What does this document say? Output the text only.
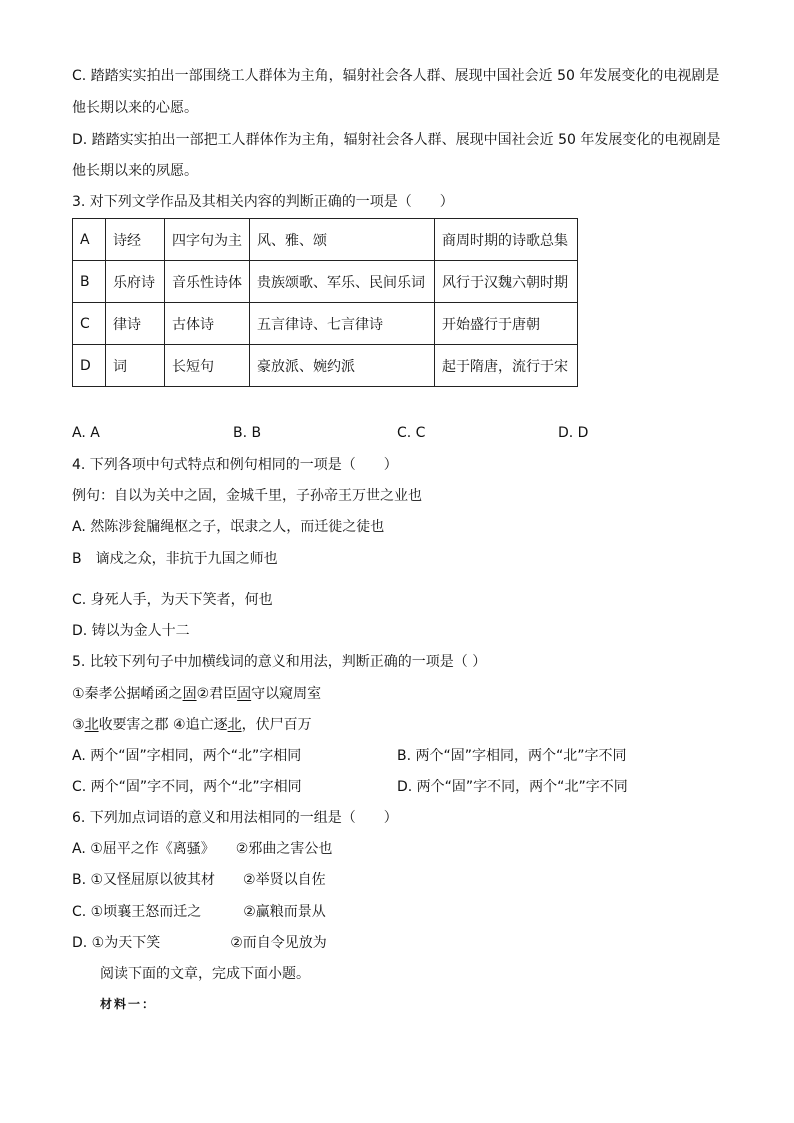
C. 踏踏实实拍出一部围绕工人群体为主角，辐射社会各人群、展现中国社会近 50 年发展变化的电视剧是
他长期以来的心愿。
D. 踏踏实实拍出一部把工人群体作为主角，辐射社会各人群、展现中国社会近 50 年发展变化的电视剧是
他长期以来的夙愿。
3. 对下列文学作品及其相关内容的判断正确的一项是（　　）
A	诗经	四字句为主	风、雅、颂	商周时期的诗歌总集
B	乐府诗	音乐性诗体	贵族颂歌、军乐、民间乐词	风行于汉魏六朝时期
C	律诗	古体诗	五言律诗、七言律诗	开始盛行于唐朝
D	词	长短句	豪放派、婉约派	起于隋唐，流行于宋
A. A	B. B	C. C	D. D
4. 下列各项中句式特点和例句相同的一项是（　　）
例句：自以为关中之固，金城千里，子孙帝王万世之业也
A. 然陈涉瓮牖绳枢之子，氓隶之人，而迁徙之徒也
B　谪戍之众，非抗于九国之师也
C. 身死人手，为天下笑者，何也
D. 铸以为金人十二
5. 比较下列句子中加横线词的意义和用法，判断正确的一项是（ ）
①秦孝公据崤函之固②君臣固守以窥周室
③北收要害之郡 ④追亡逐北，伏尸百万
A. 两个“固”字相同，两个“北”字相同	B. 两个“固”字相同，两个“北”字不同
C. 两个“固”字不同，两个“北”字相同	D. 两个“固”字不同，两个“北”字不同
6. 下列加点词语的意义和用法相同的一组是（　　）
A. ①屈平之作《离骚》　　②邪曲之害公也
B. ①又怪屈原以彼其材　　②举贤以自佐
C. ①顷襄王怒而迁之　　　②赢粮而景从
D. ①为天下笑　　　　　②而自令见放为
阅读下面的文章，完成下面小题。
材料一：
